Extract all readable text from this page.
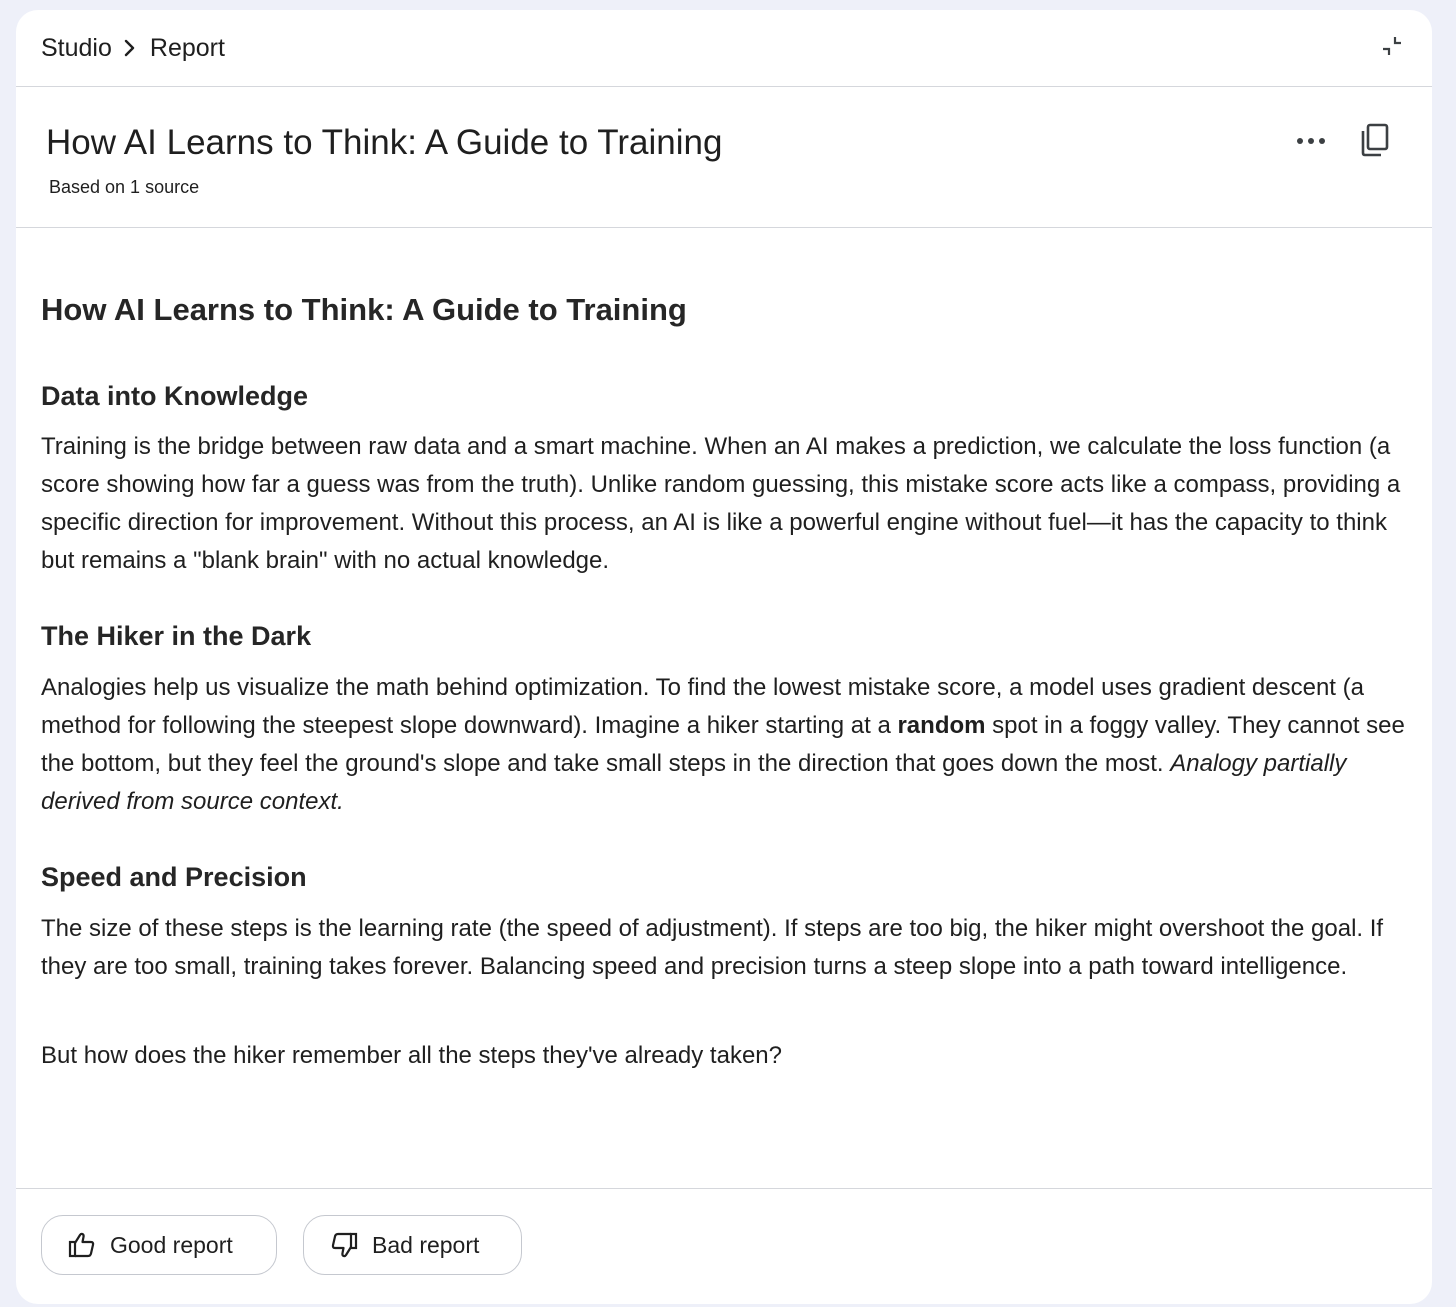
Studio Report
How AI Learns to Think: A Guide to Training

Based on 1 source

How AI Learns to Think: A Guide to Training
Data into Knowledge

Training is the bridge between raw data and a smart machine. When an AI makes a prediction, we calculate the loss function (a score showing how far a guess was from the truth). Unlike random guessing, this mistake score acts like a compass, providing a specific direction for improvement. Without this process, an AI is like a powerful engine without fuel—it has the capacity to think but remains a "blank brain" with no actual knowledge.

The Hiker in the Dark

Analogies help us visualize the math behind optimization. To find the lowest mistake score, a model uses gradient descent (a method for following the steepest slope downward). Imagine a hiker starting at a random spot in a foggy valley. They cannot see the bottom, but they feel the ground's slope and take small steps in the direction that goes down the most. Analogy partially derived from source context.

Speed and Precision

The size of these steps is the learning rate (the speed of adjustment). If steps are too big, the hiker might overshoot the goal. If they are too small, training takes forever. Balancing speed and precision turns a steep slope into a path toward intelligence.

But how does the hiker remember all the steps they've already taken?

Good report	Bad report
